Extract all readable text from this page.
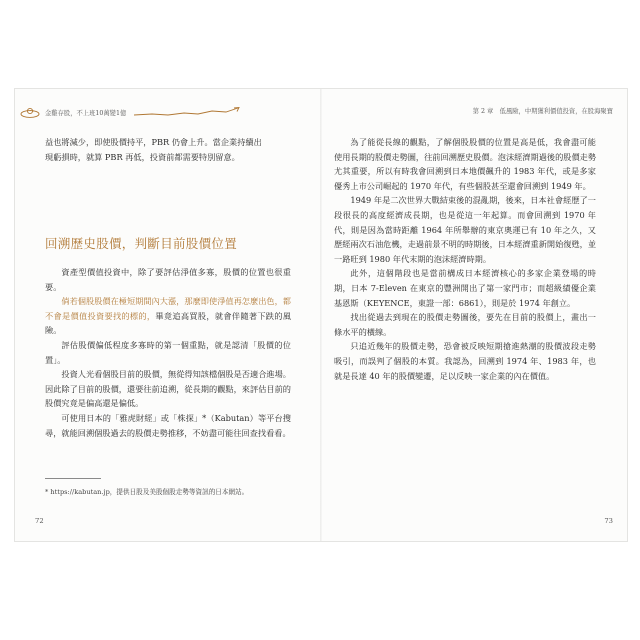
金雞存股，不上班10萬變1億

益也將減少，即使股價持平，PBR 仍會上升。當企業持續出

現虧損時，就算 PBR 再低，投資前都需要特別留意。

回溯歷史股價，判斷目前股價位置

資產型價值投資中，除了要評估淨值多寡，股價的位置也很重要。

倘若個股股價在極短期間內大漲，那麼即使淨值再怎麼出色，都不會是價值投資要找的標的，畢竟追高買股，就會伴隨著下跌的風險。

評估股價偏低程度多寡時的第一個重點，就是認清「股價的位置」。

投資人光看個股目前的股價，無從得知該檔個股是否適合進場。因此除了目前的股價，還要往前追溯，從長期的觀點，來評估目前的股價究竟是偏高還是偏低。

可使用日本的「雅虎財經」或「株探」*（Kabutan）等平台搜尋，就能回溯個股過去的股價走勢推移，不妨盡可能往回查找看看。

* https://kabutan.jp，提供日股及美股個股走勢等資訊的日本網站。
72
第 2 章　低風險，中期獲利價值投資，在股海聚寶

為了能從長線的觀點，了解個股股價的位置是高是低，我會盡可能使用長期的股價走勢圖，往前回溯歷史股價。泡沫經濟期過後的股價走勢尤其重要，所以有時我會回溯到日本地價飆升的 1983 年代，或是多家優秀上市公司崛起的 1970 年代，有些個股甚至還會回溯到 1949 年。

1949 年是二次世界大戰結束後的混亂期，後來，日本社會經歷了一段很長的高度經濟成長期，也是從這一年起算。而會回溯到 1970 年代，則是因為當時距離 1964 年所舉辦的東京奧運已有 10 年之久，又歷經兩次石油危機，走過前景不明的時期後，日本經濟重新開始復甦，並一路旺到 1980 年代末期的泡沫經濟時期。

此外，這個階段也是當前構成日本經濟核心的多家企業登場的時期，日本 7-Eleven 在東京的豐洲開出了第一家門市；而超級績優企業基恩斯（KEYENCE，東證一部：6861），則是於 1974 年創立。

找出從過去到現在的股價走勢圖後，要先在目前的股價上，畫出一條水平的橫線。

只追近幾年的股價走勢，恐會被反映短期搶進熱潮的股價波段走勢吸引，而誤判了個股的本質。我認為，回溯到 1974 年、1983 年，也就是長達 40 年的股價變遷，足以反映一家企業的內在價值。

73
